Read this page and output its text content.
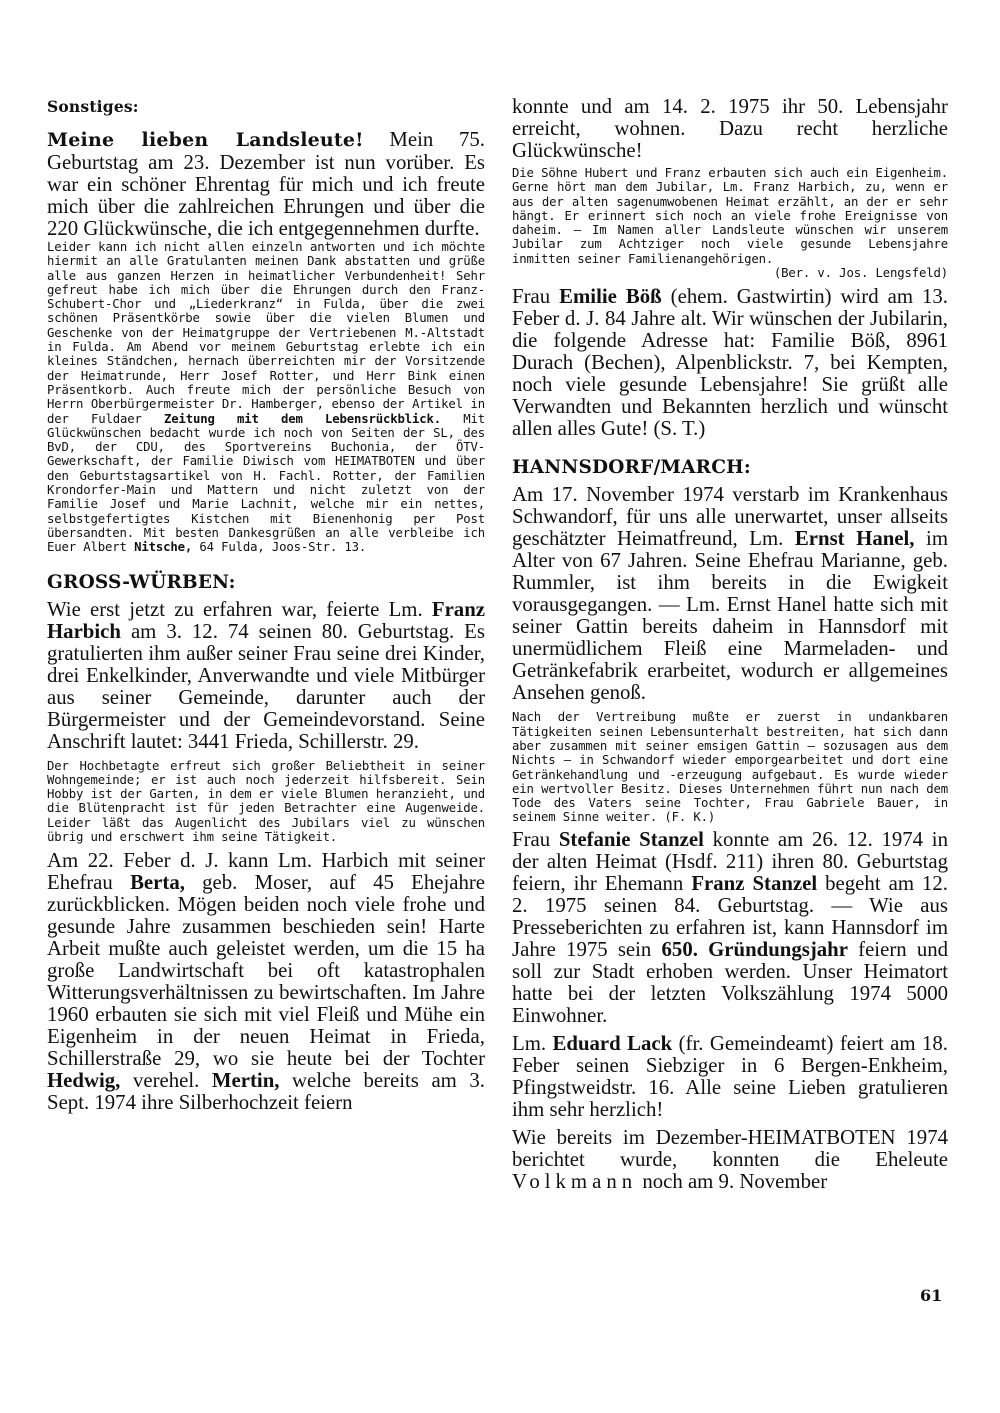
Sonstiges:

Meine lieben Landsleute! Mein 75. Geburtstag am 23. Dezember ist nun vorüber. Es war ein schöner Ehrentag für mich und ich freute mich über die zahlreichen Ehrungen und über die 220 Glückwünsche, die ich entgegennehmen durfte.

Leider kann ich nicht allen einzeln antworten und ich möchte hiermit an alle Gratulanten meinen Dank abstatten und grüße alle aus ganzen Herzen in heimatlicher Verbundenheit! Sehr gefreut habe ich mich über die Ehrungen durch den Franz-Schubert-Chor und „Liederkranz“ in Fulda, über die zwei schönen Präsentkörbe sowie über die vielen Blumen und Geschenke von der Heimatgruppe der Vertriebenen M.-Altstadt in Fulda. Am Abend vor meinem Geburtstag erlebte ich ein kleines Ständchen, hernach überreichten mir der Vorsitzende der Heimatrunde, Herr Josef Rotter, und Herr Bink einen Präsentkorb. Auch freute mich der persönliche Besuch von Herrn Oberbürgermeister Dr. Hamberger, ebenso der Artikel in der Fuldaer Zeitung mit dem Lebensrückblick. Mit Glückwünschen bedacht wurde ich noch von Seiten der SL, des BvD, der CDU, des Sportvereins Buchonia, der ÖTV-Gewerkschaft, der Familie Diwisch vom HEIMATBOTEN und über den Geburtstagsartikel von H. Fachl. Rotter, der Familien Krondorfer-Main und Mattern und nicht zuletzt von der Familie Josef und Marie Lachnit, welche mir ein nettes, selbstgefertigtes Kistchen mit Bienenhonig per Post übersandten. Mit besten Dankesgrüßen an alle verbleibe ich Euer Albert Nitsche, 64 Fulda, Joos-Str. 13.

GROSS-WÜRBEN:

Wie erst jetzt zu erfahren war, feierte Lm. Franz Harbich am 3. 12. 74 seinen 80. Geburtstag. Es gratulierten ihm außer seiner Frau seine drei Kinder, drei Enkelkinder, Anverwandte und viele Mitbürger aus seiner Gemeinde, darunter auch der Bürgermeister und der Gemeindevorstand. Seine Anschrift lautet: 3441 Frieda, Schillerstr. 29.

Der Hochbetagte erfreut sich großer Beliebtheit in seiner Wohngemeinde; er ist auch noch jederzeit hilfsbereit. Sein Hobby ist der Garten, in dem er viele Blumen heranzieht, und die Blütenpracht ist für jeden Betrachter eine Augenweide. Leider läßt das Augenlicht des Jubilars viel zu wünschen übrig und erschwert ihm seine Tätigkeit.

Am 22. Feber d. J. kann Lm. Harbich mit seiner Ehefrau Berta, geb. Moser, auf 45 Ehejahre zurückblicken. Mögen beiden noch viele frohe und gesunde Jahre zusammen beschieden sein! Harte Arbeit mußte auch geleistet werden, um die 15 ha große Landwirtschaft bei oft katastrophalen Witterungsverhältnissen zu bewirtschaften. Im Jahre 1960 erbauten sie sich mit viel Fleiß und Mühe ein Eigenheim in der neuen Heimat in Frieda, Schillerstraße 29, wo sie heute bei der Tochter Hedwig, verehel. Mertin, welche bereits am 3. Sept. 1974 ihre Silberhochzeit feiern

konnte und am 14. 2. 1975 ihr 50. Lebensjahr erreicht, wohnen. Dazu recht herzliche Glückwünsche!

Die Söhne Hubert und Franz erbauten sich auch ein Eigenheim. Gerne hört man dem Jubilar, Lm. Franz Harbich, zu, wenn er aus der alten sagenumwobenen Heimat erzählt, an der er sehr hängt. Er erinnert sich noch an viele frohe Ereignisse von daheim. — Im Namen aller Landsleute wünschen wir unserem Jubilar zum Achtziger noch viele gesunde Lebensjahre inmitten seiner Familienangehörigen.

(Ber. v. Jos. Lengsfeld)

Frau Emilie Böß (ehem. Gastwirtin) wird am 13. Feber d. J. 84 Jahre alt. Wir wünschen der Jubilarin, die folgende Adresse hat: Familie Böß, 8961 Durach (Bechen), Alpenblickstr. 7, bei Kempten, noch viele gesunde Lebensjahre! Sie grüßt alle Verwandten und Bekannten herzlich und wünscht allen alles Gute! (S. T.)

HANNSDORF/MARCH:

Am 17. November 1974 verstarb im Krankenhaus Schwandorf, für uns alle unerwartet, unser allseits geschätzter Heimatfreund, Lm. Ernst Hanel, im Alter von 67 Jahren. Seine Ehefrau Marianne, geb. Rummler, ist ihm bereits in die Ewigkeit vorausgegangen. — Lm. Ernst Hanel hatte sich mit seiner Gattin bereits daheim in Hannsdorf mit unermüdlichem Fleiß eine Marmeladen- und Getränkefabrik erarbeitet, wodurch er allgemeines Ansehen genoß.

Nach der Vertreibung mußte er zuerst in undankbaren Tätigkeiten seinen Lebensunterhalt bestreiten, hat sich dann aber zusammen mit seiner emsigen Gattin — sozusagen aus dem Nichts — in Schwandorf wieder emporgearbeitet und dort eine Getränkehandlung und -erzeugung aufgebaut. Es wurde wieder ein wertvoller Besitz. Dieses Unternehmen führt nun nach dem Tode des Vaters seine Tochter, Frau Gabriele Bauer, in seinem Sinne weiter. (F. K.)

Frau Stefanie Stanzel konnte am 26. 12. 1974 in der alten Heimat (Hsdf. 211) ihren 80. Geburtstag feiern, ihr Ehemann Franz Stanzel begeht am 12. 2. 1975 seinen 84. Geburtstag. — Wie aus Presseberichten zu erfahren ist, kann Hannsdorf im Jahre 1975 sein 650. Gründungsjahr feiern und soll zur Stadt erhoben werden. Unser Heimatort hatte bei der letzten Volkszählung 1974 5000 Einwohner.

Lm. Eduard Lack (fr. Gemeindeamt) feiert am 18. Feber seinen Siebziger in 6 Bergen-Enkheim, Pfingstweidstr. 16. Alle seine Lieben gratulieren ihm sehr herzlich!

Wie bereits im Dezember-HEIMATBOTEN 1974 berichtet wurde, konnten die Eheleute Volkmann noch am 9. November

61
